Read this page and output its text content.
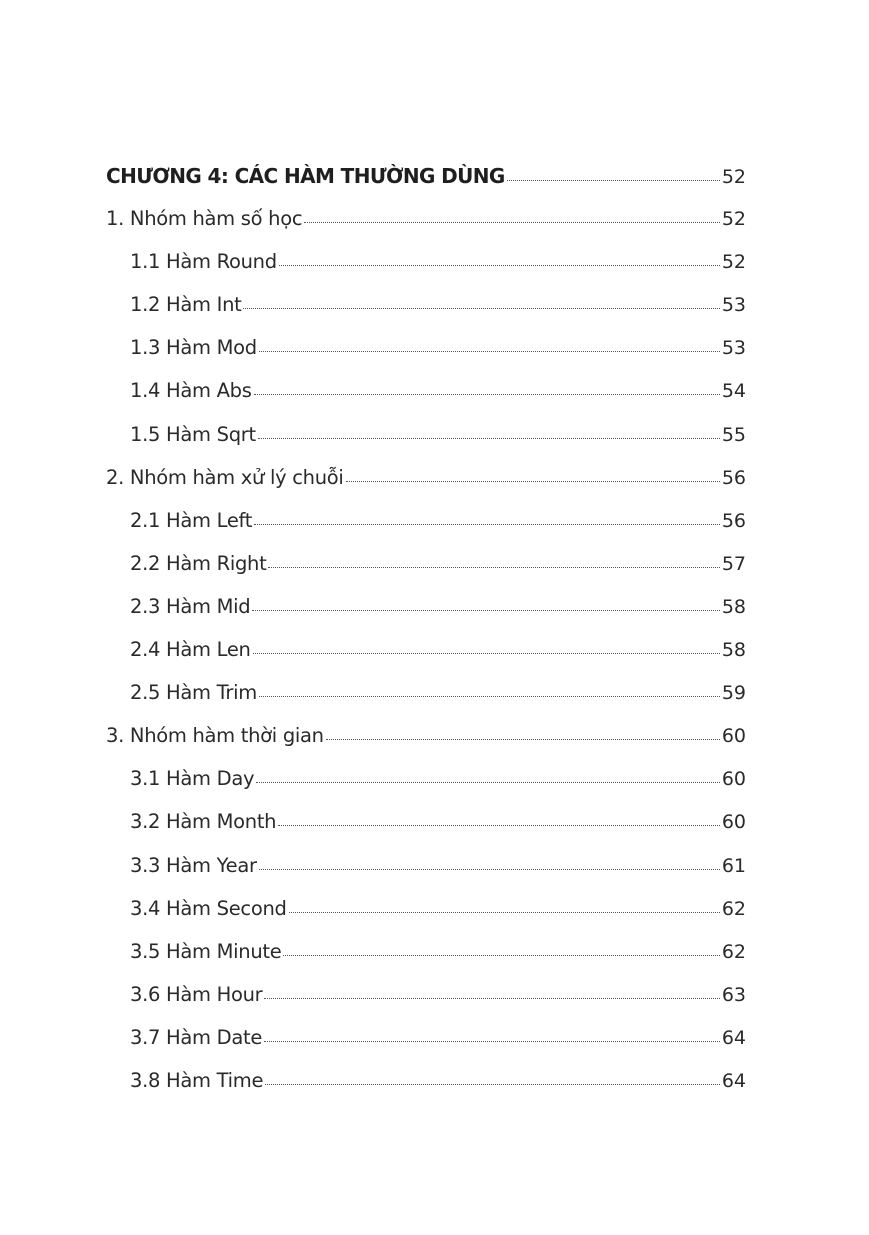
CHƯƠNG 4: CÁC HÀM THƯỜNG DÙNG	52
1. Nhóm hàm số học	52
1.1 Hàm Round	52
1.2 Hàm Int	53
1.3 Hàm Mod	53
1.4 Hàm Abs	54
1.5 Hàm Sqrt	55
2. Nhóm hàm xử lý chuỗi	56
2.1 Hàm Left	56
2.2 Hàm Right	57
2.3 Hàm Mid	58
2.4 Hàm Len	58
2.5 Hàm Trim	59
3. Nhóm hàm thời gian	60
3.1 Hàm Day	60
3.2 Hàm Month	60
3.3 Hàm Year	61
3.4 Hàm Second	62
3.5 Hàm Minute	62
3.6 Hàm Hour	63
3.7 Hàm Date	64
3.8 Hàm Time	64
